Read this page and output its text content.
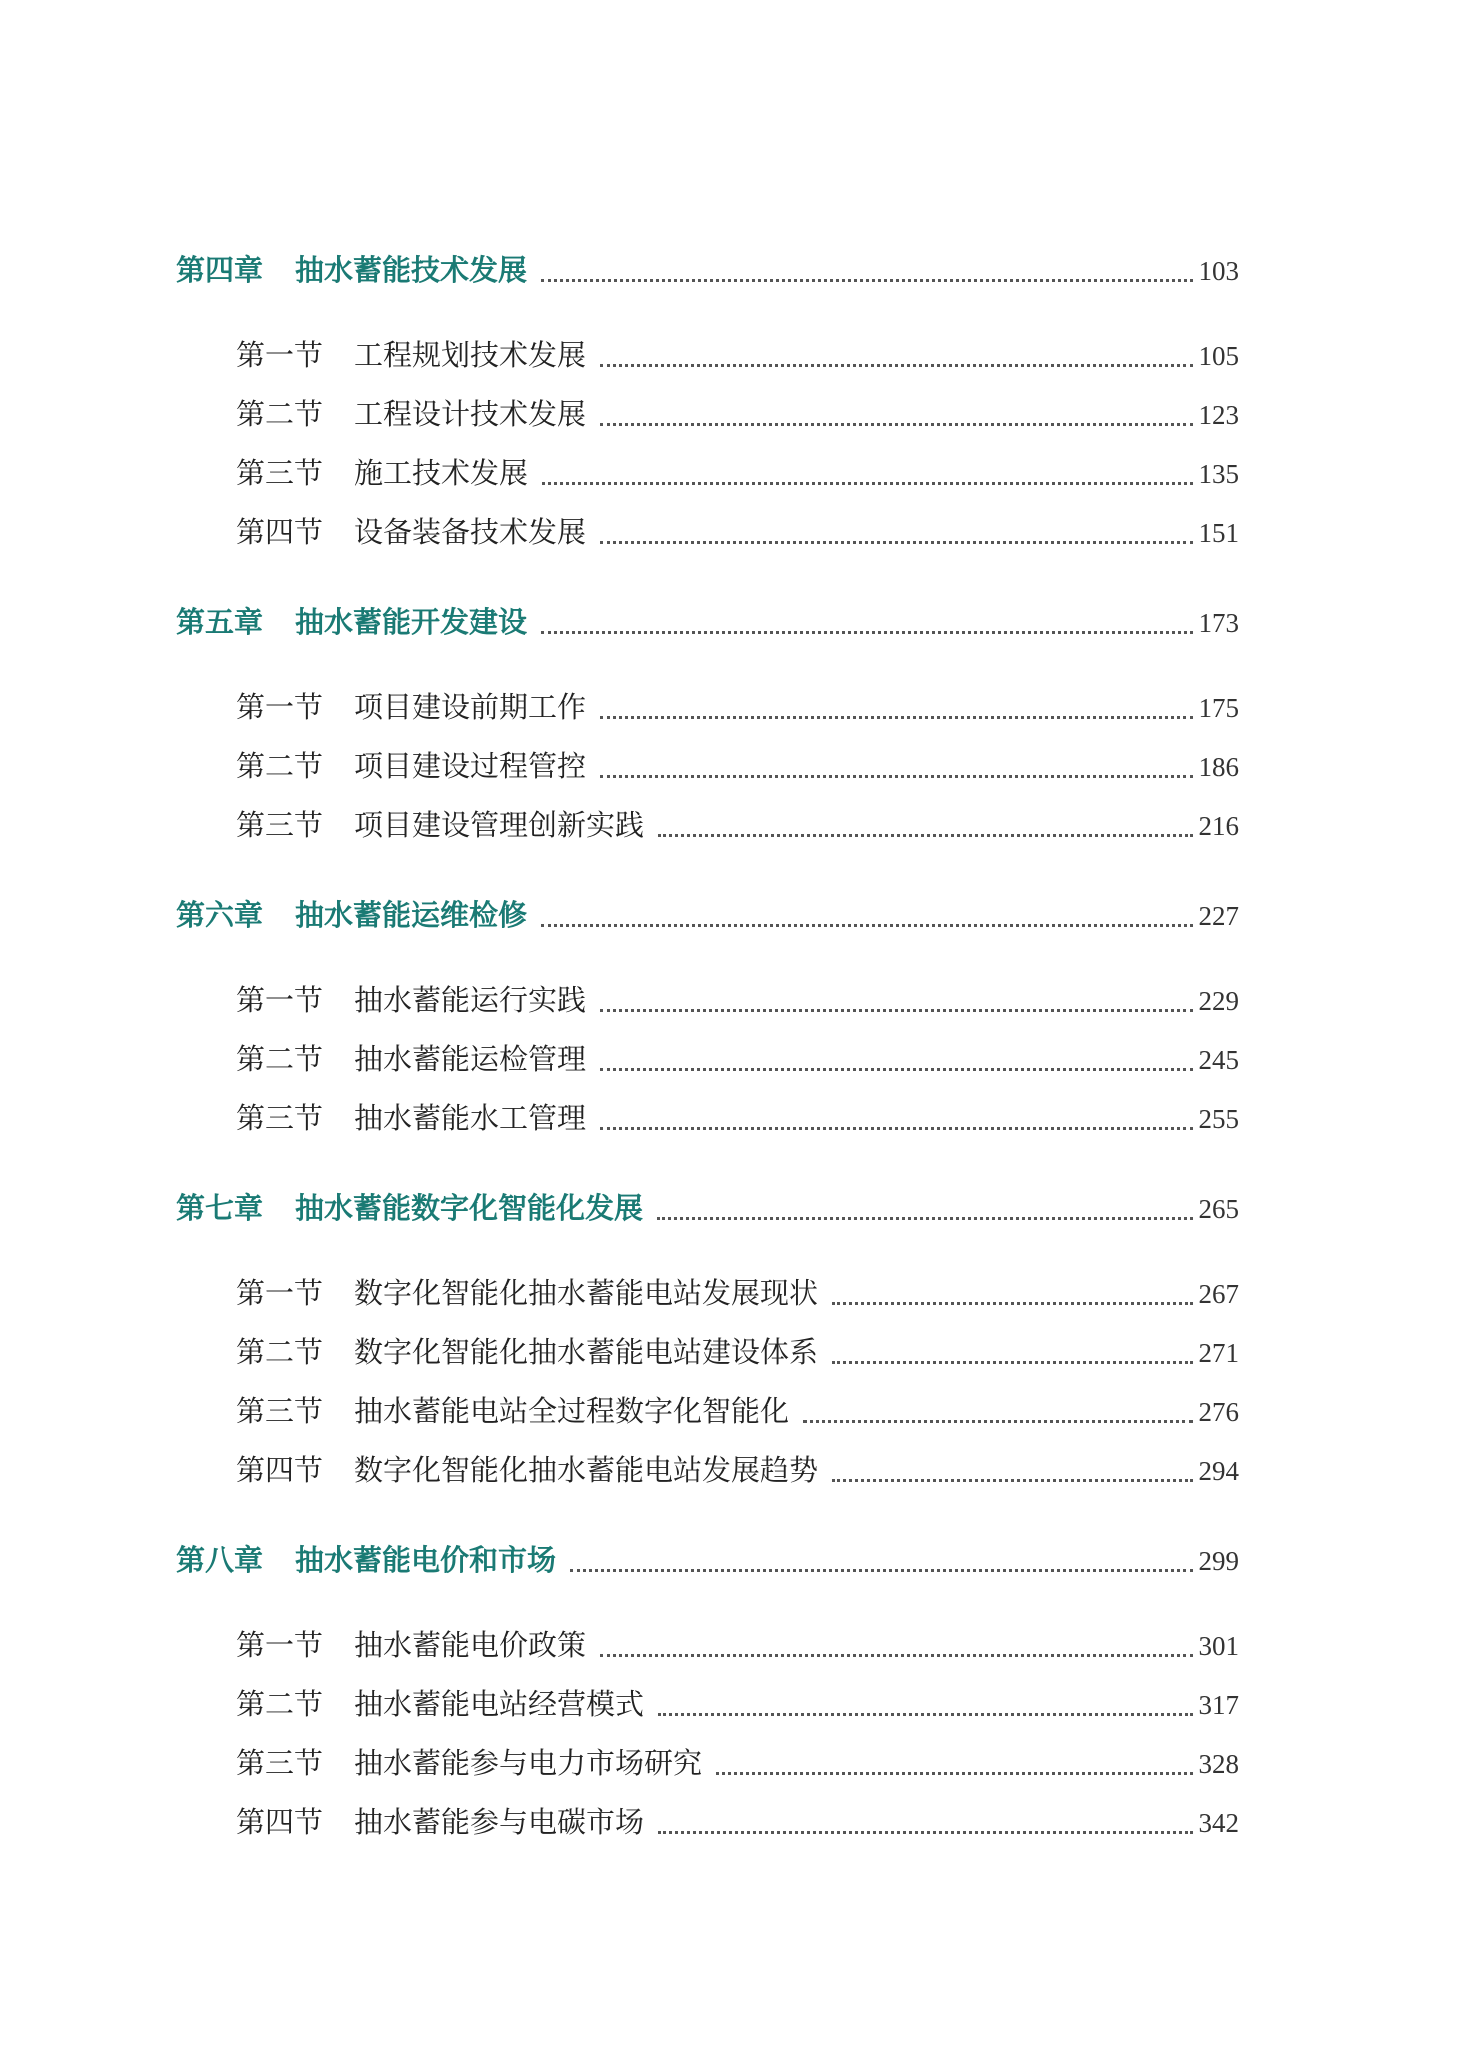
第四章	抽水蓄能技术发展	103
第一节	工程规划技术发展	105
第二节	工程设计技术发展	123
第三节	施工技术发展	135
第四节	设备装备技术发展	151
第五章	抽水蓄能开发建设	173
第一节	项目建设前期工作	175
第二节	项目建设过程管控	186
第三节	项目建设管理创新实践	216
第六章	抽水蓄能运维检修	227
第一节	抽水蓄能运行实践	229
第二节	抽水蓄能运检管理	245
第三节	抽水蓄能水工管理	255
第七章	抽水蓄能数字化智能化发展	265
第一节	数字化智能化抽水蓄能电站发展现状	267
第二节	数字化智能化抽水蓄能电站建设体系	271
第三节	抽水蓄能电站全过程数字化智能化	276
第四节	数字化智能化抽水蓄能电站发展趋势	294
第八章	抽水蓄能电价和市场	299
第一节	抽水蓄能电价政策	301
第二节	抽水蓄能电站经营模式	317
第三节	抽水蓄能参与电力市场研究	328
第四节	抽水蓄能参与电碳市场	342
